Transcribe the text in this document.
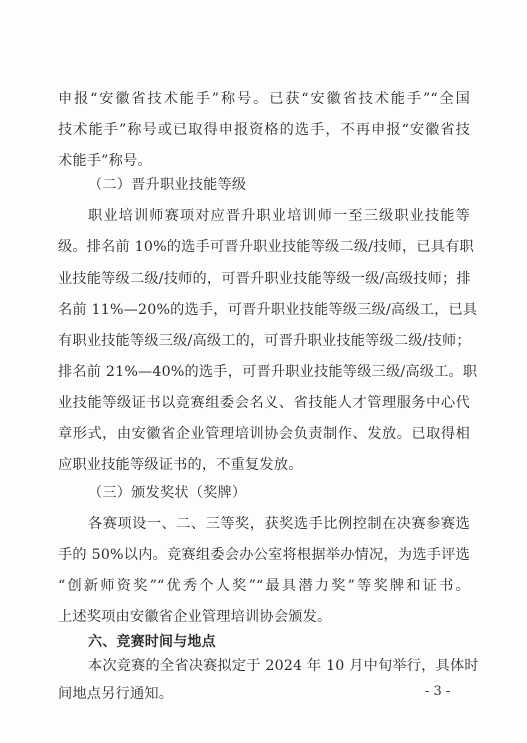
申报“安徽省技术能手”称号。已获“安徽省技术能手”“全国
技术能手”称号或已取得申报资格的选手，不再申报“安徽省技
术能手”称号。
（二）晋升职业技能等级
职业培训师赛项对应晋升职业培训师一至三级职业技能等
级。排名前 10%的选手可晋升职业技能等级二级/技师，已具有职
业技能等级二级/技师的，可晋升职业技能等级一级/高级技师；排
名前 11%—20%的选手，可晋升职业技能等级三级/高级工，已具
有职业技能等级三级/高级工的，可晋升职业技能等级二级/技师；
排名前 21%—40%的选手，可晋升职业技能等级三级/高级工。职
业技能等级证书以竞赛组委会名义、省技能人才管理服务中心代
章形式，由安徽省企业管理培训协会负责制作、发放。已取得相
应职业技能等级证书的，不重复发放。
（三）颁发奖状（奖牌）
各赛项设一、二、三等奖，获奖选手比例控制在决赛参赛选
手的 50%以内。竞赛组委会办公室将根据举办情况，为选手评选
“创新师资奖”“优秀个人奖”“最具潜力奖”等奖牌和证书。
上述奖项由安徽省企业管理培训协会颁发。
六、竞赛时间与地点
本次竞赛的全省决赛拟定于 2024 年 10 月中旬举行，具体时
间地点另行通知。	- 3 -
